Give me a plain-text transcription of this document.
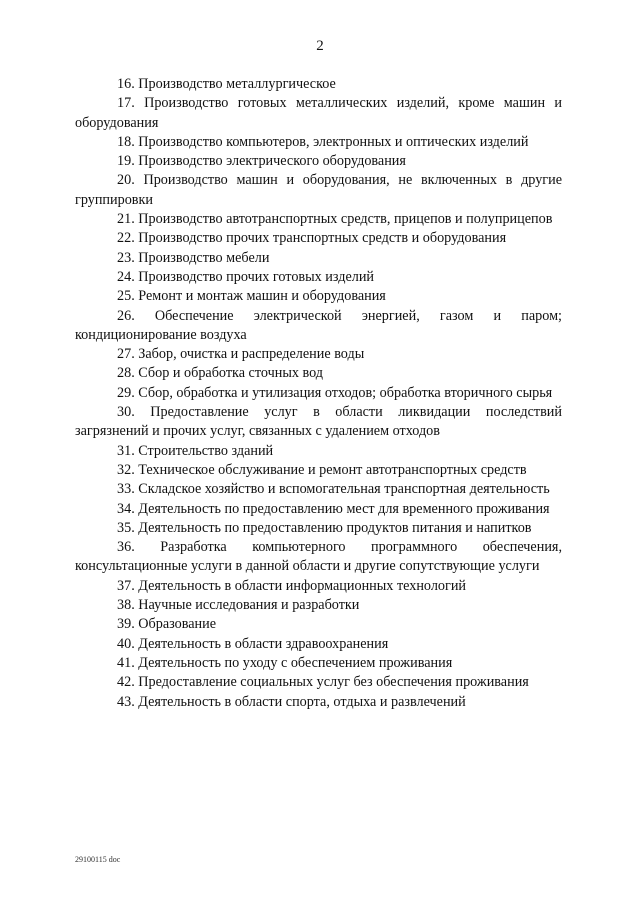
2

16. Производство металлургическое

17. Производство готовых металлических изделий, кроме машин и оборудования

18. Производство компьютеров, электронных и оптических изделий

19. Производство электрического оборудования

20. Производство машин и оборудования, не включенных в другие группировки

21. Производство автотранспортных средств, прицепов и полуприцепов

22. Производство прочих транспортных средств и оборудования

23. Производство мебели

24. Производство прочих готовых изделий

25. Ремонт и монтаж машин и оборудования

26. Обеспечение электрической энергией, газом и паром; кондиционирование воздуха

27. Забор, очистка и распределение воды

28. Сбор и обработка сточных вод

29. Сбор, обработка и утилизация отходов; обработка вторичного сырья

30. Предоставление услуг в области ликвидации последствий загрязнений и прочих услуг, связанных с удалением отходов

31. Строительство зданий

32. Техническое обслуживание и ремонт автотранспортных средств

33. Складское хозяйство и вспомогательная транспортная деятельность

34. Деятельность по предоставлению мест для временного проживания

35. Деятельность по предоставлению продуктов питания и напитков

36. Разработка компьютерного программного обеспечения, консультационные услуги в данной области и другие сопутствующие услуги

37. Деятельность в области информационных технологий

38. Научные исследования и разработки

39. Образование

40. Деятельность в области здравоохранения

41. Деятельность по уходу с обеспечением проживания

42. Предоставление социальных услуг без обеспечения проживания

43. Деятельность в области спорта, отдыха и развлечений

29100115 doc
